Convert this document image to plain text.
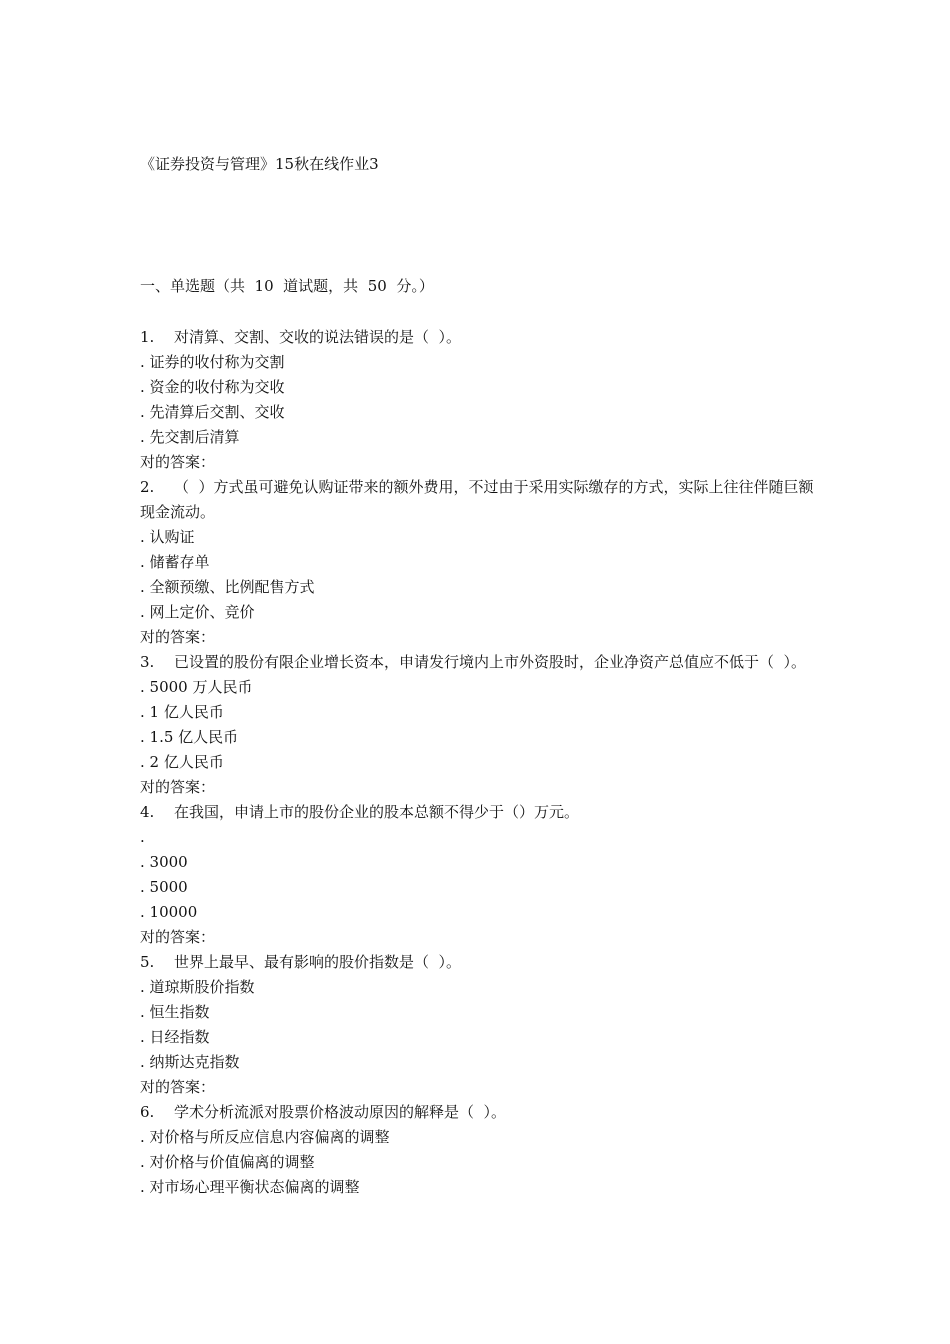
《证券投资与管理》15秋在线作业3
一、单选题（共  10  道试题，共  50  分。）
1. 对清算、交割、交收的说法错误的是（  ）。
. 证券的收付称为交割
. 资金的收付称为交收
. 先清算后交割、交收
. 先交割后清算
对的答案：
2. （  ）方式虽可避免认购证带来的额外费用，不过由于采用实际缴存的方式，实际上往往伴随巨额现金流动。
. 认购证
. 储蓄存单
. 全额预缴、比例配售方式
. 网上定价、竞价
对的答案：
3. 已设置的股份有限企业增长资本，申请发行境内上市外资股时，企业净资产总值应不低于（  ）。
. 5000 万人民币
. 1 亿人民币
. 1.5 亿人民币
. 2 亿人民币
对的答案：
4. 在我国，申请上市的股份企业的股本总额不得少于（）万元。
.
. 3000
. 5000
. 10000
对的答案：
5. 世界上最早、最有影响的股价指数是（  ）。
. 道琼斯股价指数
. 恒生指数
. 日经指数
. 纳斯达克指数
对的答案：
6. 学术分析流派对股票价格波动原因的解释是（  ）。
. 对价格与所反应信息内容偏离的调整
. 对价格与价值偏离的调整
. 对市场心理平衡状态偏离的调整
